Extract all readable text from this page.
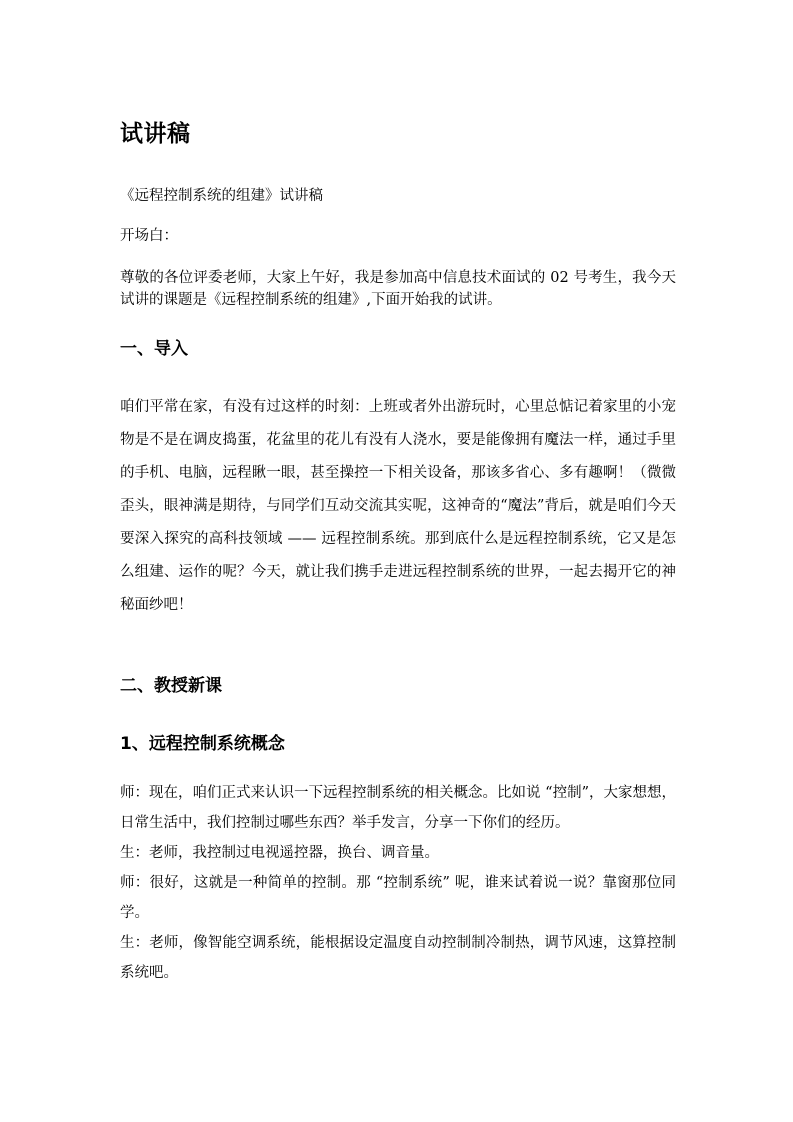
试讲稿
《远程控制系统的组建》试讲稿
开场白：
尊敬的各位评委老师，大家上午好，我是参加高中信息技术面试的 02 号考生，我今天试讲的课题是《远程控制系统的组建》,下面开始我的试讲。
一、导入
咱们平常在家，有没有过这样的时刻：上班或者外出游玩时，心里总惦记着家里的小宠物是不是在调皮捣蛋，花盆里的花儿有没有人浇水，要是能像拥有魔法一样，通过手里的手机、电脑，远程瞅一眼，甚至操控一下相关设备，那该多省心、多有趣啊！（微微歪头，眼神满是期待，与同学们互动交流其实呢，这神奇的“魔法”背后，就是咱们今天要深入探究的高科技领域 —— 远程控制系统。那到底什么是远程控制系统，它又是怎么组建、运作的呢？今天，就让我们携手走进远程控制系统的世界，一起去揭开它的神秘面纱吧！
二、教授新课
1、远程控制系统概念

师：现在，咱们正式来认识一下远程控制系统的相关概念。比如说 “控制”，大家想想，日常生活中，我们控制过哪些东西？举手发言，分享一下你们的经历。

生：老师，我控制过电视遥控器，换台、调音量。

师：很好，这就是一种简单的控制。那 “控制系统” 呢，谁来试着说一说？靠窗那位同学。

生：老师，像智能空调系统，能根据设定温度自动控制制冷制热，调节风速，这算控制系统吧。
